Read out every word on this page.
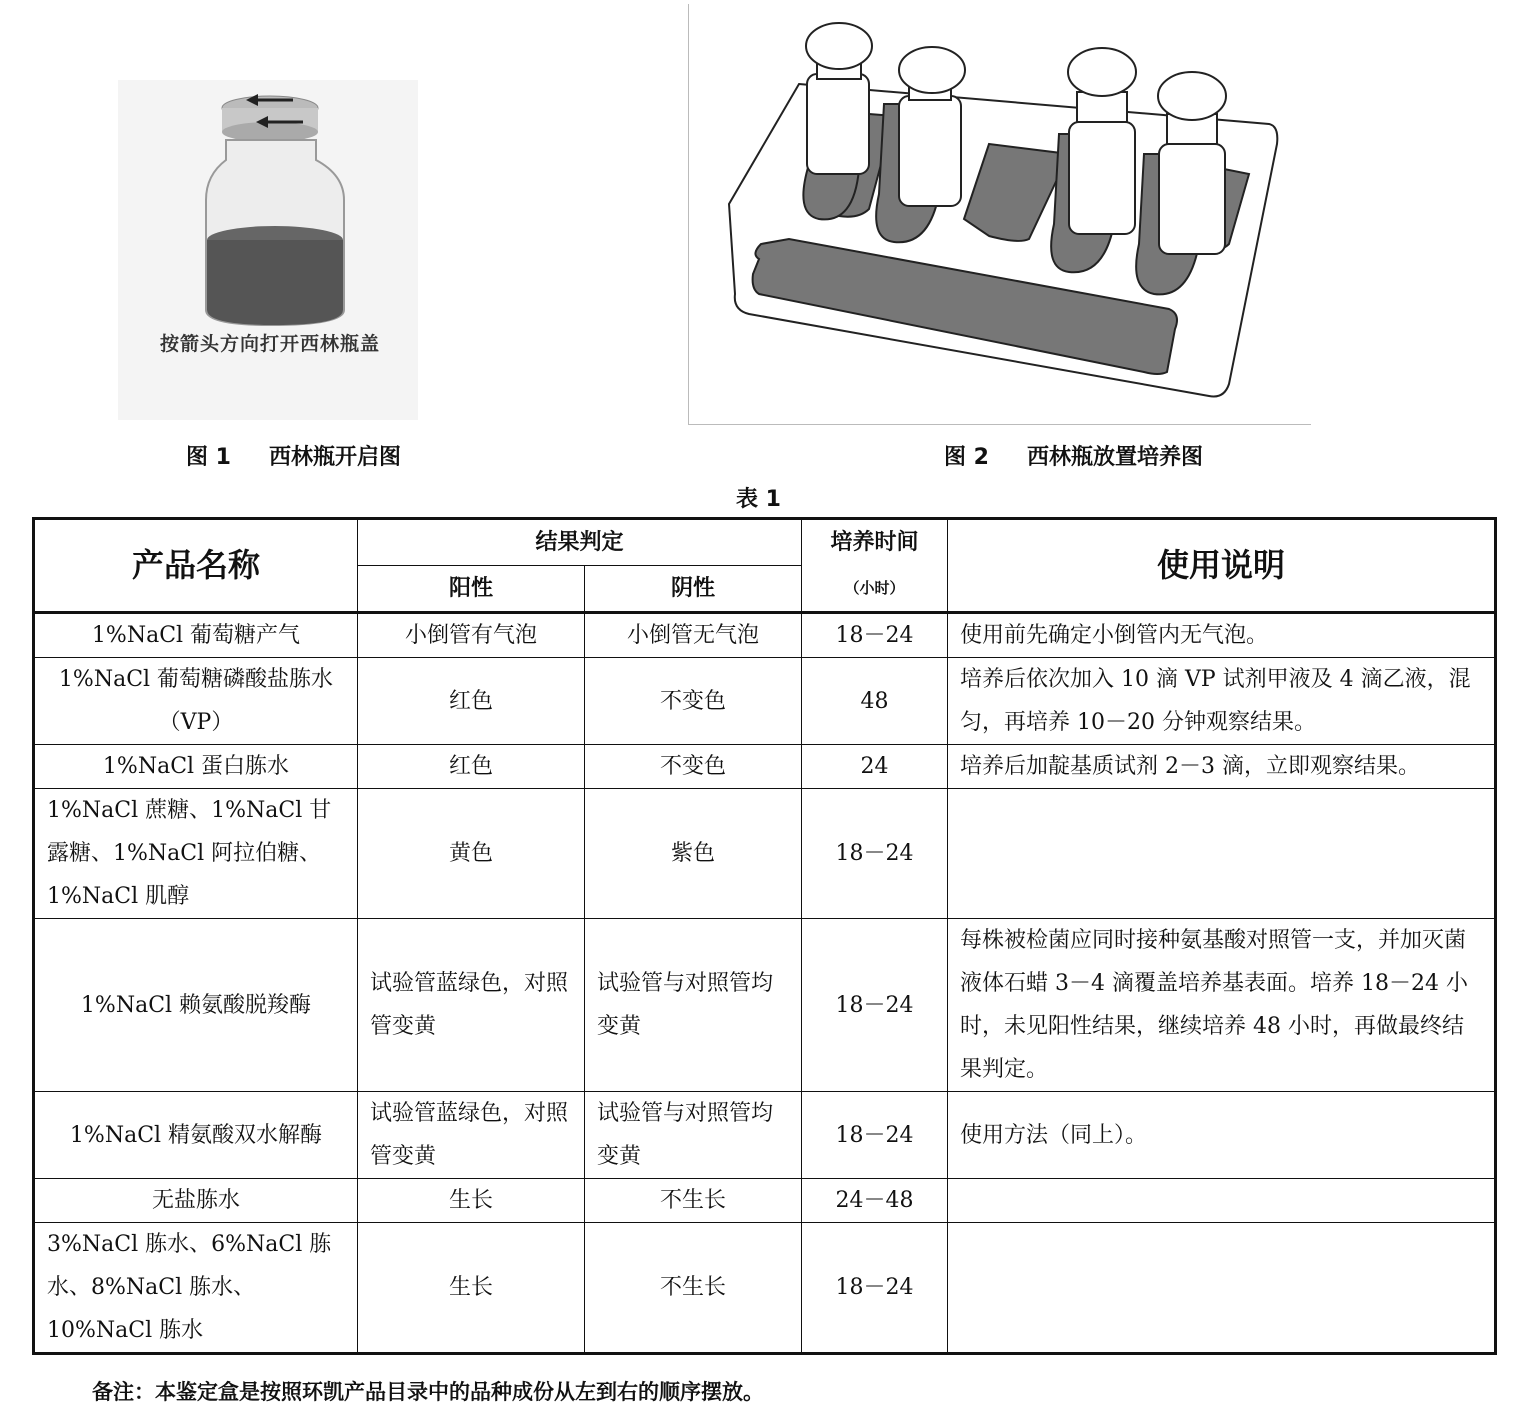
按箭头方向打开西林瓶盖
图 1 西林瓶开启图	图 2 西林瓶放置培养图
表 1
产品名称	结果判定		培养时间	使用说明
	阳性	阴性	（小时）	
1%NaCl 葡萄糖产气	小倒管有气泡	小倒管无气泡	18－24	使用前先确定小倒管内无气泡。
1%NaCl 葡萄糖磷酸盐胨水（VP）	红色	不变色	48	培养后依次加入 10 滴 VP 试剂甲液及 4 滴乙液，混匀，再培养 10－20 分钟观察结果。
1%NaCl 蛋白胨水	红色	不变色	24	培养后加靛基质试剂 2－3 滴，立即观察结果。
1%NaCl 蔗糖、1%NaCl 甘露糖、1%NaCl 阿拉伯糖、1%NaCl 肌醇	黄色	紫色	18－24	
1%NaCl 赖氨酸脱羧酶	试验管蓝绿色，对照管变黄	试验管与对照管均变黄	18－24	每株被检菌应同时接种氨基酸对照管一支，并加灭菌液体石蜡 3－4 滴覆盖培养基表面。培养 18－24 小时，未见阳性结果，继续培养 48 小时，再做最终结果判定。
1%NaCl 精氨酸双水解酶	试验管蓝绿色，对照管变黄	试验管与对照管均变黄	18－24	使用方法（同上）。
无盐胨水	生长	不生长	24－48	
3%NaCl 胨水、6%NaCl 胨水、8%NaCl 胨水、10%NaCl 胨水	生长	不生长	18－24	
备注：本鉴定盒是按照环凯产品目录中的品种成份从左到右的顺序摆放。
